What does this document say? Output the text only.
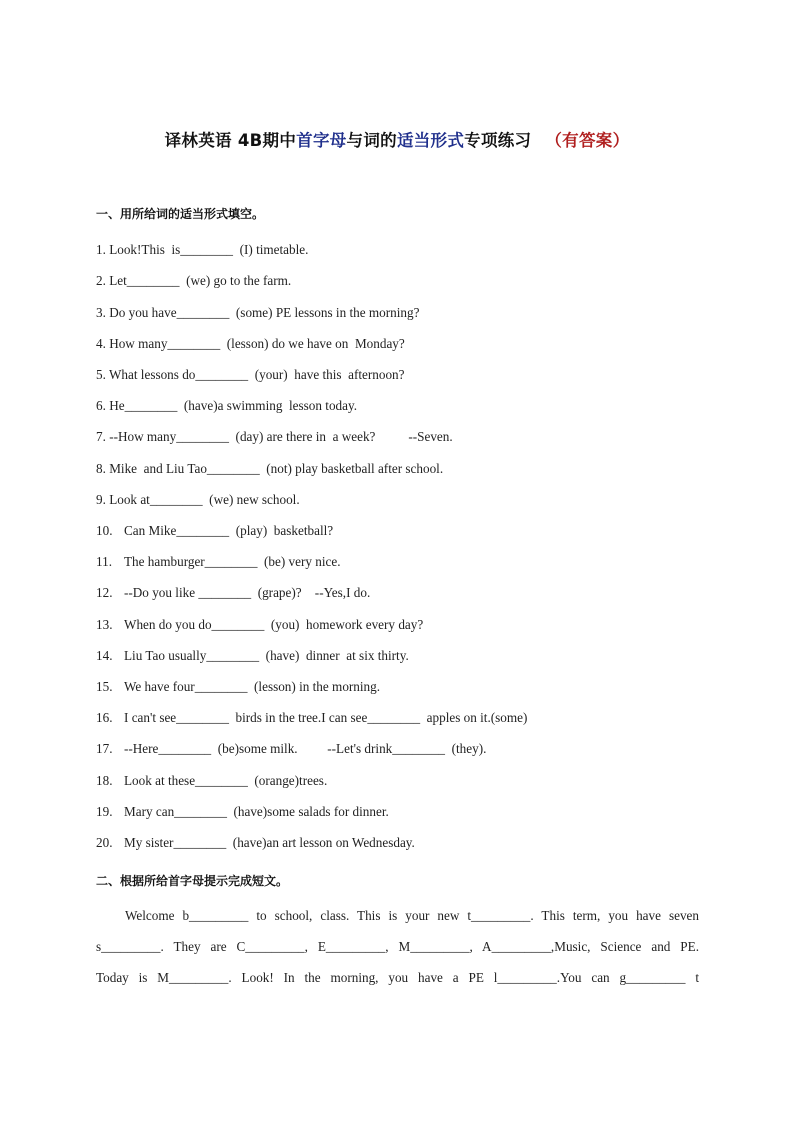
译林英语 4B期中首字母与词的适当形式专项练习 （有答案）
一、用所给词的适当形式填空。
1. Look!This  is________  (I) timetable.
2. Let________  (we) go to the farm.
3. Do you have________  (some) PE lessons in the morning?
4. How many________  (lesson) do we have on  Monday?
5. What lessons do________  (your)  have this  afternoon?
6. He________  (have)a swimming  lesson today.
7. --How many________  (day) are there in  a week?          --Seven.
8. Mike  and Liu Tao________  (not) play basketball after school.
9. Look at________  (we) new school.
10. Can Mike________  (play)  basketball?
11. The hamburger________  (be) very nice.
12. --Do you like ________  (grape)?    --Yes,I do.
13. When do you do________  (you)  homework every day?
14. Liu Tao usually________  (have)  dinner  at six thirty.
15. We have four________  (lesson) in the morning.
16. I can't see________  birds in the tree.I can see________  apples on it.(some)
17. --Here________  (be)some milk.         --Let's drink________  (they).
18. Look at these________  (orange)trees.
19. Mary can________  (have)some salads for dinner.
20. My sister________  (have)an art lesson on Wednesday.
二、根据所给首字母提示完成短文。
Welcome b_________ to school, class. This is your new t_________. This term, you have seven
s_________. They are C_________, E_________, M_________, A_________,Music, Science and PE.
Today is M_________. Look! In the morning, you have a PE l_________.You can g_________ t
